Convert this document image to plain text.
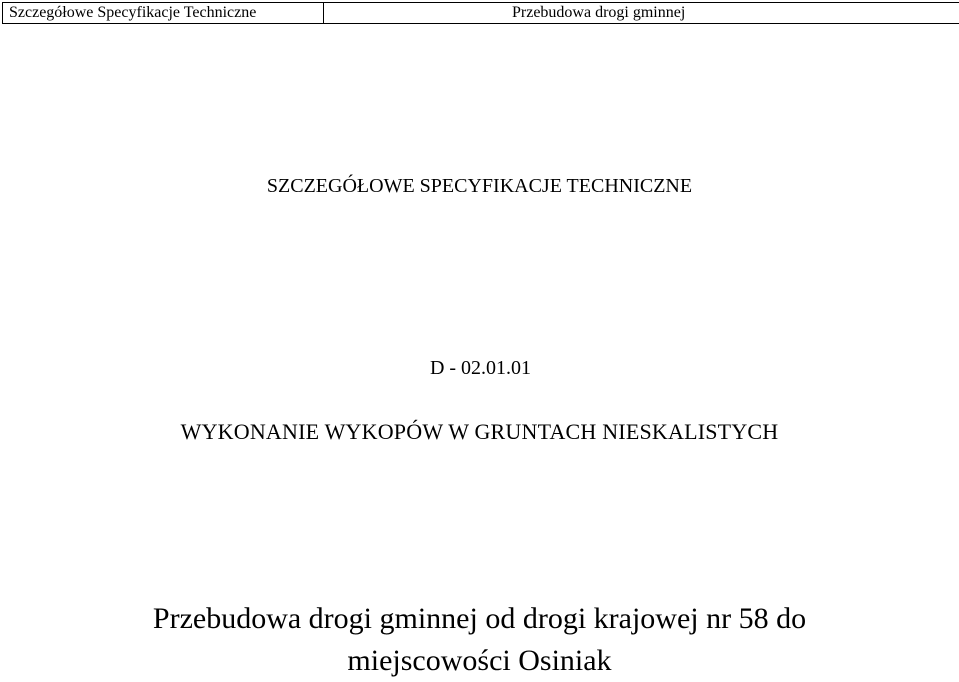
Szczegółowe Specyfikacje Techniczne	Przebudowa drogi gminnej	
SZCZEGÓŁOWE SPECYFIKACJE TECHNICZNE
D - 02.01.01
WYKONANIE WYKOPÓW W GRUNTACH NIESKALISTYCH
Przebudowa drogi gminnej od drogi krajowej nr 58 do
miejscowości Osiniak
